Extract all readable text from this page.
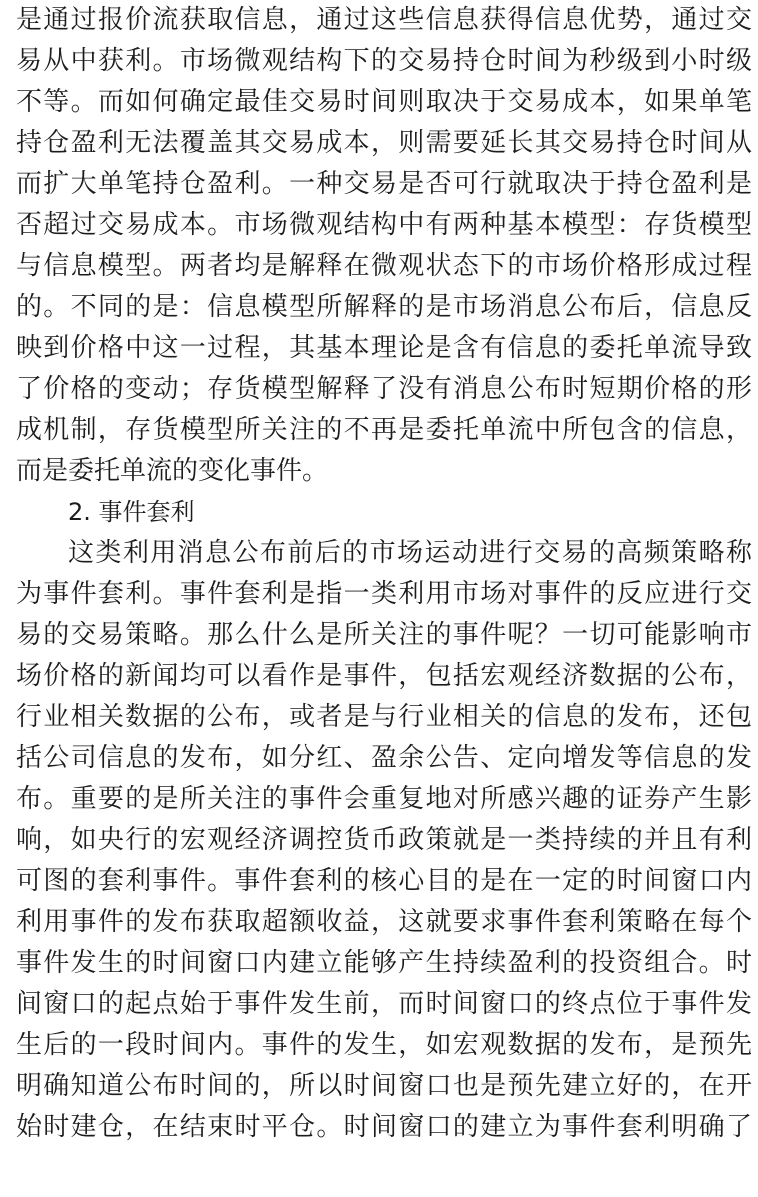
是通过报价流获取信息，通过这些信息获得信息优势，通过交
易从中获利。市场微观结构下的交易持仓时间为秒级到小时级
不等。而如何确定最佳交易时间则取决于交易成本，如果单笔
持仓盈利无法覆盖其交易成本，则需要延长其交易持仓时间从
而扩大单笔持仓盈利。一种交易是否可行就取决于持仓盈利是
否超过交易成本。市场微观结构中有两种基本模型：存货模型
与信息模型。两者均是解释在微观状态下的市场价格形成过程
的。不同的是：信息模型所解释的是市场消息公布后，信息反
映到价格中这一过程，其基本理论是含有信息的委托单流导致
了价格的变动；存货模型解释了没有消息公布时短期价格的形
成机制，存货模型所关注的不再是委托单流中所包含的信息，
而是委托单流的变化事件。
2. 事件套利
这类利用消息公布前后的市场运动进行交易的高频策略称
为事件套利。事件套利是指一类利用市场对事件的反应进行交
易的交易策略。那么什么是所关注的事件呢？一切可能影响市
场价格的新闻均可以看作是事件，包括宏观经济数据的公布，
行业相关数据的公布，或者是与行业相关的信息的发布，还包
括公司信息的发布，如分红、盈余公告、定向增发等信息的发
布。重要的是所关注的事件会重复地对所感兴趣的证券产生影
响，如央行的宏观经济调控货币政策就是一类持续的并且有利
可图的套利事件。事件套利的核心目的是在一定的时间窗口内
利用事件的发布获取超额收益，这就要求事件套利策略在每个
事件发生的时间窗口内建立能够产生持续盈利的投资组合。时
间窗口的起点始于事件发生前，而时间窗口的终点位于事件发
生后的一段时间内。事件的发生，如宏观数据的发布，是预先
明确知道公布时间的，所以时间窗口也是预先建立好的，在开
始时建仓，在结束时平仓。时间窗口的建立为事件套利明确了
